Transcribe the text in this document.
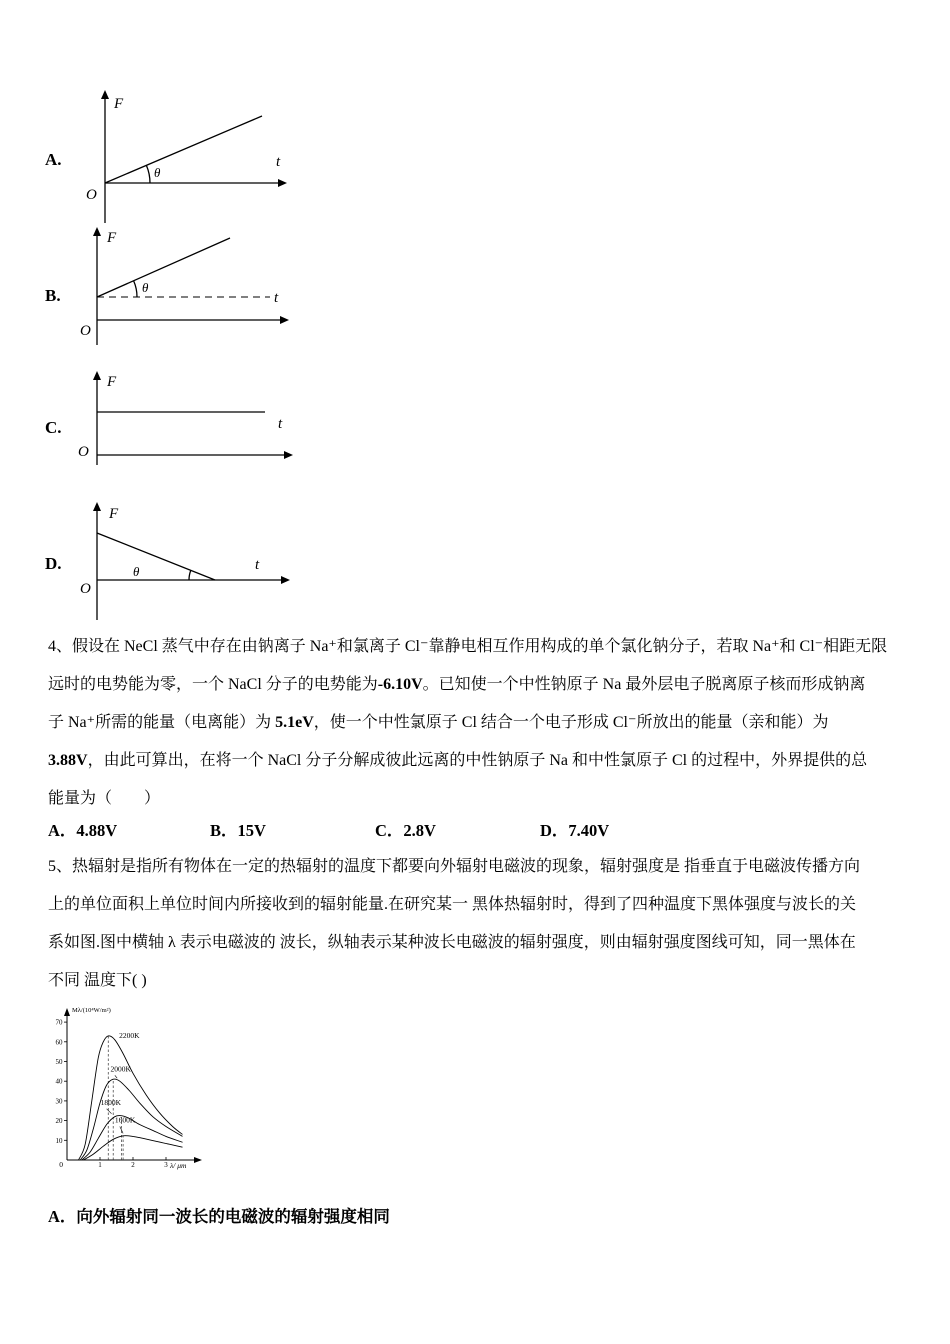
A.
B.
C.
D.
F
t
O
θ
F
t
O
θ
F
t
O
F
t
O
θ
4、假设在 NeCl 蒸气中存在由钠离子 Na⁺和氯离子 Cl⁻靠静电相互作用构成的单个氯化钠分子，若取 Na⁺和 Cl⁻相距无限
远时的电势能为零，一个 NaCl 分子的电势能为-6.10V。已知使一个中性钠原子 Na 最外层电子脱离原子核而形成钠离
子 Na⁺所需的能量（电离能）为 5.1eV，使一个中性氯原子 Cl 结合一个电子形成 Cl⁻所放出的能量（亲和能）为
3.88V，由此可算出，在将一个 NaCl 分子分解成彼此远离的中性钠原子 Na 和中性氯原子 Cl 的过程中，外界提供的总
能量为（　　）
A．4.88V	B．15V	C．2.8V	D．7.40V
5、热辐射是指所有物体在一定的热辐射的温度下都要向外辐射电磁波的现象，辐射强度是 指垂直于电磁波传播方向
上的单位面积上单位时间内所接收到的辐射能量.在研究某一 黑体热辐射时，得到了四种温度下黑体强度与波长的关
系如图.图中横轴 λ 表示电磁波的 波长，纵轴表示某种波长电磁波的辐射强度，则由辐射强度图线可知，同一黑体在
不同 温度下( )
Mλ/(10⁴W/m²)
λ/ μm
0
10
20
30
40
50
60
70
1	2	3
2200K
2000K
1800K
1600K
A．向外辐射同一波长的电磁波的辐射强度相同
